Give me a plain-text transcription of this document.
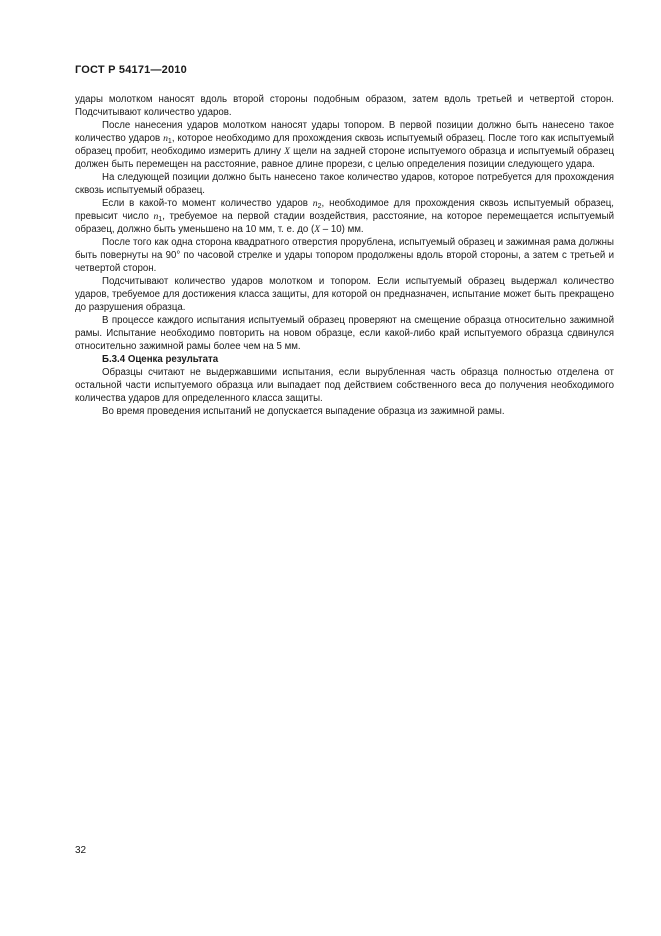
ГОСТ Р 54171—2010

удары молотком наносят вдоль второй стороны подобным образом, затем вдоль третьей и четвертой сторон. Подсчитывают количество ударов.

После нанесения ударов молотком наносят удары топором. В первой позиции должно быть нанесено такое количество ударов $n_1$, которое необходимо для прохождения сквозь испытуемый образец. После того как испытуемый образец пробит, необходимо измерить длину X щели на задней стороне испытуемого образца и испытуемый образец должен быть перемещен на расстояние, равное длине прорези, с целью определения позиции следующего удара.

На следующей позиции должно быть нанесено такое количество ударов, которое потребуется для прохождения сквозь испытуемый образец.

Если в какой-то момент количество ударов $n_2$, необходимое для прохождения сквозь испытуемый образец, превысит число $n_1$, требуемое на первой стадии воздействия, расстояние, на которое перемещается испытуемый образец, должно быть уменьшено на 10 мм, т. е. до (X – 10) мм.

После того как одна сторона квадратного отверстия прорублена, испытуемый образец и зажимная рама должны быть повернуты на 90° по часовой стрелке и удары топором продолжены вдоль второй стороны, а затем с третьей и четвертой сторон.

Подсчитывают количество ударов молотком и топором. Если испытуемый образец выдержал количество ударов, требуемое для достижения класса защиты, для которой он предназначен, испытание может быть прекращено до разрушения образца.

В процессе каждого испытания испытуемый образец проверяют на смещение образца относительно зажимной рамы. Испытание необходимо повторить на новом образце, если какой-либо край испытуемого образца сдвинулся относительно зажимной рамы более чем на 5 мм.

Б.3.4 Оценка результата

Образцы считают не выдержавшими испытания, если вырубленная часть образца полностью отделена от остальной части испытуемого образца или выпадает под действием собственного веса до получения необходимого количества ударов для определенного класса защиты.

Во время проведения испытаний не допускается выпадение образца из зажимной рамы.

32
